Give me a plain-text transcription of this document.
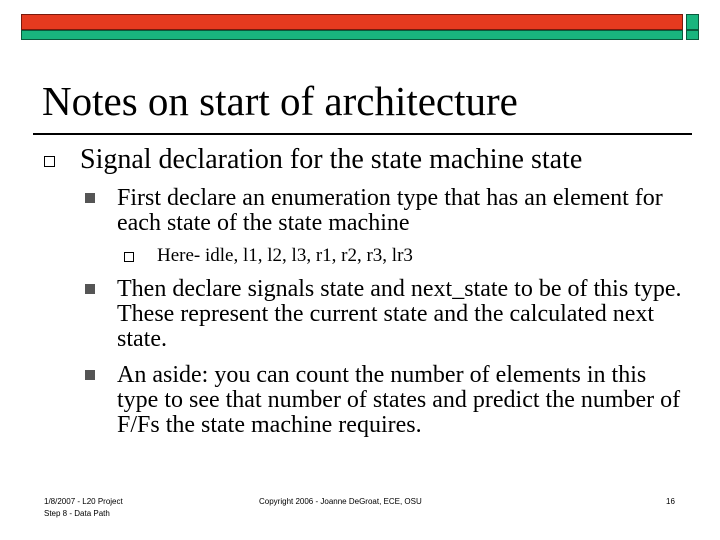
Notes on start of architecture
Signal declaration for the state machine state
First declare an enumeration type that has an element for each state of the state machine
Here- idle, l1, l2, l3, r1, r2, r3, lr3
Then declare signals state and next_state to be of this type. These represent the current state and the calculated next state.
An aside: you can count the number of elements in this type to see that number of states and predict the number of F/Fs the state machine requires.
1/8/2007 - L20 Project
Step 8 - Data Path
Copyright 2006 - Joanne DeGroat, ECE, OSU	16
